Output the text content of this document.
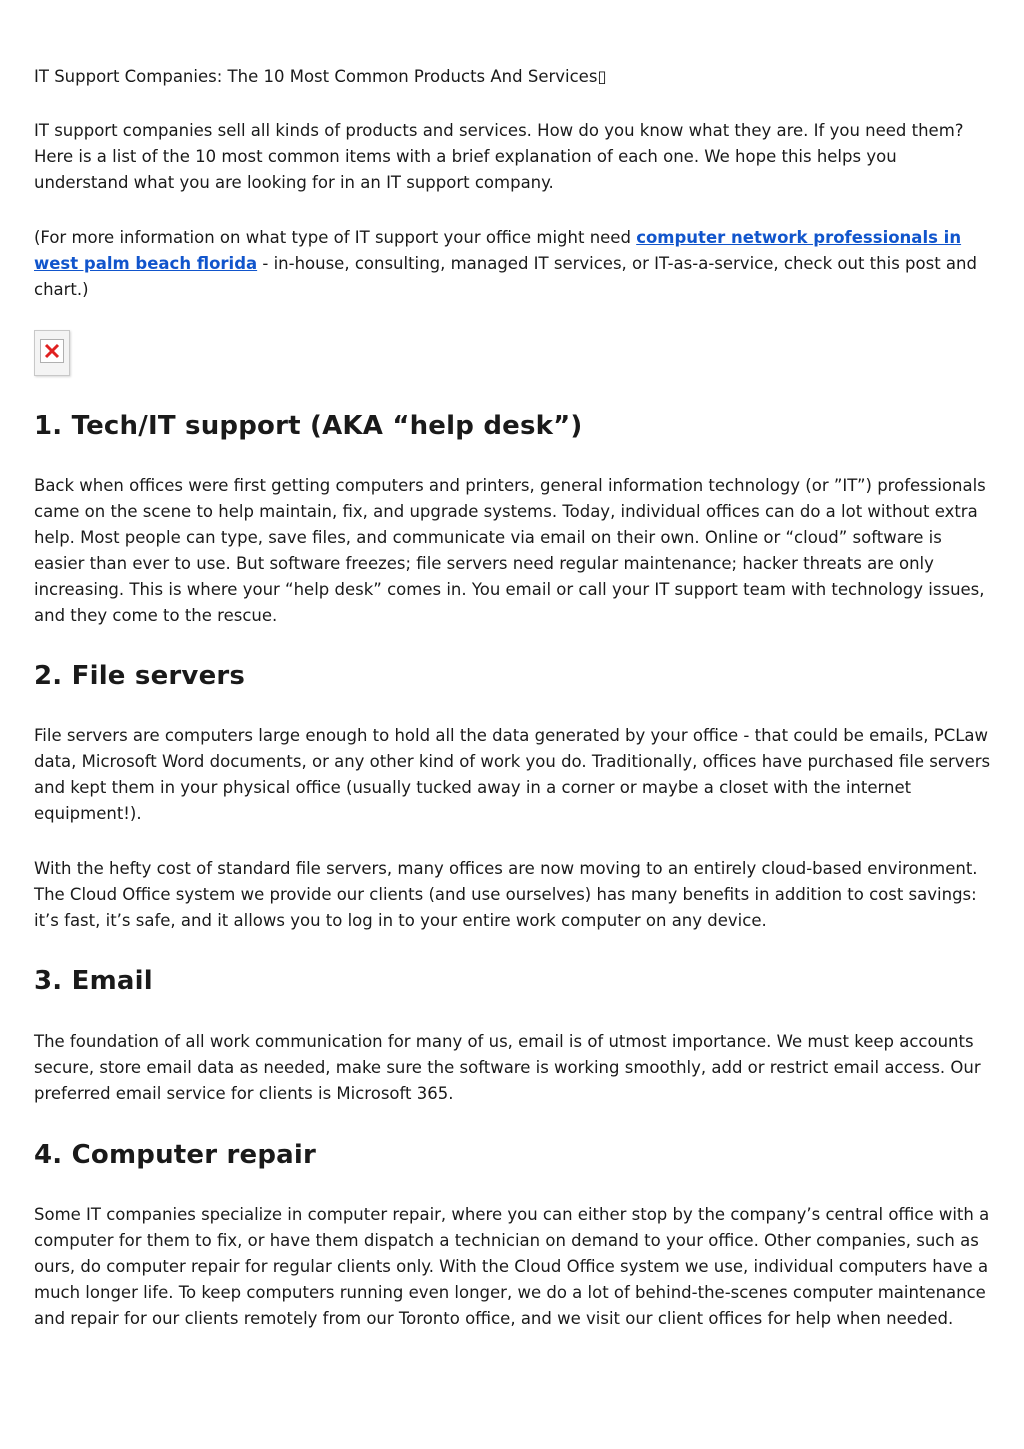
IT Support Companies: The 10 Most Common Products And Services▯

IT support companies sell all kinds of products and services. How do you know what they are. If you need them? Here is a list of the 10 most common items with a brief explanation of each one. We hope this helps you understand what you are looking for in an IT support company.

(For more information on what type of IT support your office might need computer network professionals in west palm beach florida - in-house, consulting, managed IT services, or IT-as-a-service, check out this post and chart.)

1. Tech/IT support (AKA “help desk”)

Back when offices were first getting computers and printers, general information technology (or ”IT”) professionals came on the scene to help maintain, fix, and upgrade systems. Today, individual offices can do a lot without extra help. Most people can type, save files, and communicate via email on their own. Online or “cloud” software is easier than ever to use. But software freezes; file servers need regular maintenance; hacker threats are only increasing. This is where your “help desk” comes in. You email or call your IT support team with technology issues, and they come to the rescue.

2. File servers

File servers are computers large enough to hold all the data generated by your office - that could be emails, PCLaw data, Microsoft Word documents, or any other kind of work you do. Traditionally, offices have purchased file servers and kept them in your physical office (usually tucked away in a corner or maybe a closet with the internet equipment!).

With the hefty cost of standard file servers, many offices are now moving to an entirely cloud-based environment. The Cloud Office system we provide our clients (and use ourselves) has many benefits in addition to cost savings: it’s fast, it’s safe, and it allows you to log in to your entire work computer on any device.

3. Email

The foundation of all work communication for many of us, email is of utmost importance. We must keep accounts secure, store email data as needed, make sure the software is working smoothly, add or restrict email access. Our preferred email service for clients is Microsoft 365.

4. Computer repair

Some IT companies specialize in computer repair, where you can either stop by the company’s central office with a computer for them to fix, or have them dispatch a technician on demand to your office. Other companies, such as ours, do computer repair for regular clients only. With the Cloud Office system we use, individual computers have a much longer life. To keep computers running even longer, we do a lot of behind-the-scenes computer maintenance and repair for our clients remotely from our Toronto office, and we visit our client offices for help when needed.
